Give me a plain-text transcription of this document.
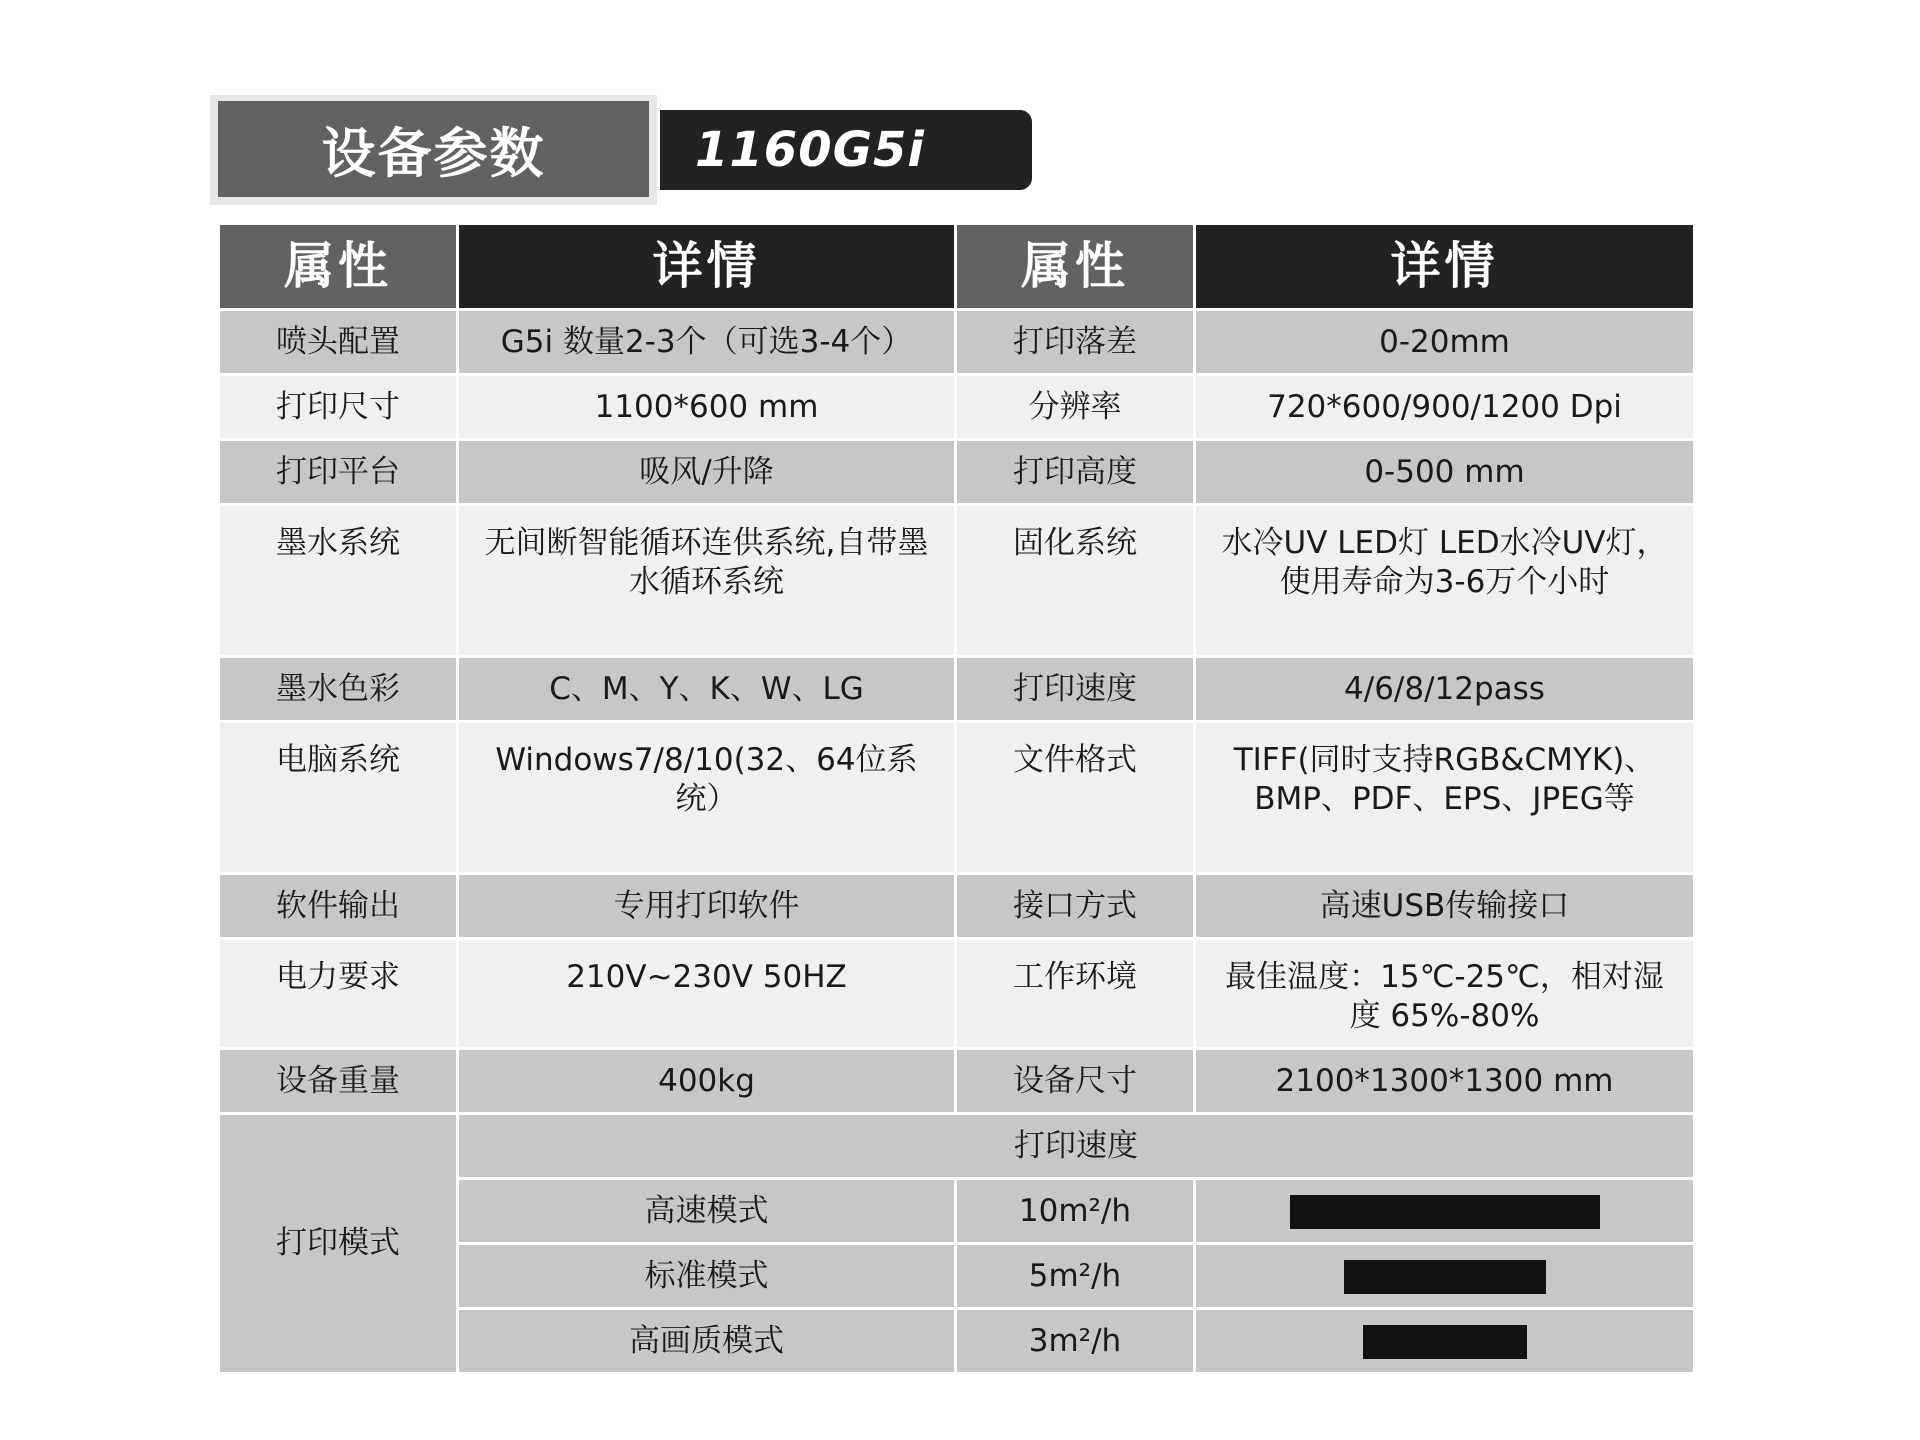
设备参数	1160G5i
属性	详情	属性	详情
喷头配置	G5i 数量2-3个（可选3-4个）	打印落差	0-20mm
打印尺寸	1100*600 mm	分辨率	720*600/900/1200 Dpi
打印平台	吸风/升降	打印高度	0-500 mm
墨水系统	无间断智能循环连供系统,自带墨水循环系统	固化系统	水冷UV LED灯 LED水冷UV灯，使用寿命为3-6万个小时
墨水色彩	C、M、Y、K、W、LG	打印速度	4/6/8/12pass
电脑系统	Windows7/8/10(32、64位系统）	文件格式	TIFF(同时支持RGB&CMYK)、BMP、PDF、EPS、JPEG等
软件输出	专用打印软件	接口方式	高速USB传输接口
电力要求	210V~230V 50HZ	工作环境	最佳温度：15℃-25℃，相对湿度 65%-80%
设备重量	400kg	设备尺寸	2100*1300*1300 mm
打印模式	打印速度		
	高速模式	10m²/h	
	标准模式	5m²/h	
	高画质模式	3m²/h	
